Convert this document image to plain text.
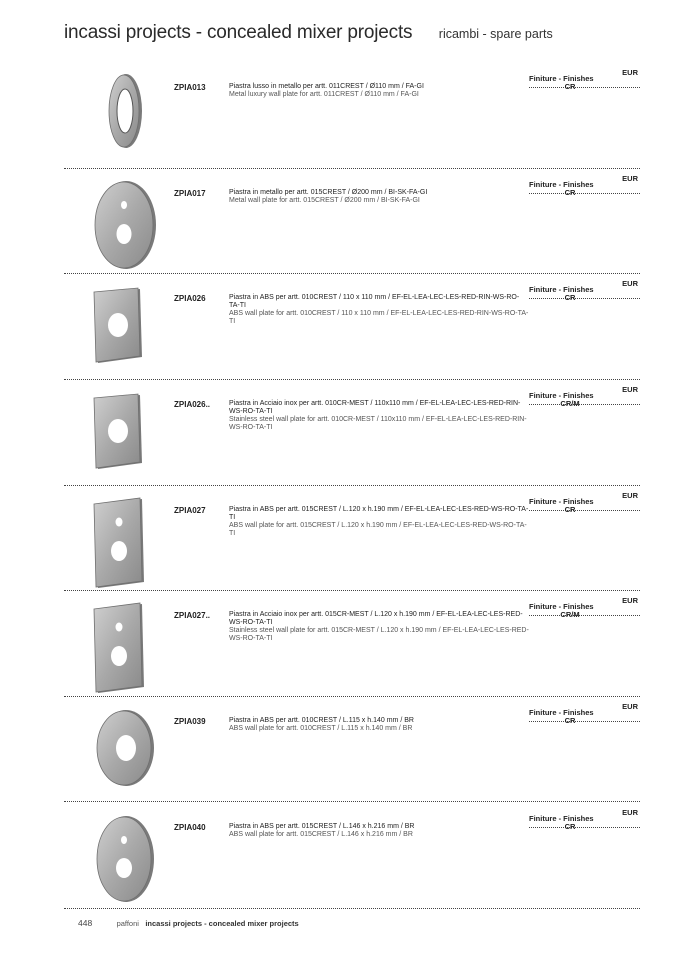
incassi projects - concealed mixer projects ricambi - spare parts
ZPIA013	Piastra lusso in metallo per artt. 011CREST / Ø110 mm / FA-GI
Metal luxury wall plate for artt. 011CREST / Ø110 mm / FA-GI
Finiture - Finishes
EUR
CR
ZPIA017	Piastra in metallo per artt. 015CREST / Ø200 mm / BI-SK-FA-GI
Metal wall plate for artt. 015CREST / Ø200 mm / BI-SK-FA-GI
Finiture - Finishes
EUR
CR
ZPIA026	Piastra in ABS per artt. 010CREST / 110 x 110 mm / EF-EL-LEA-LEC-LES-RED-RIN-WS-RO-TA-TI
ABS wall plate for artt. 010CREST / 110 x 110 mm / EF-EL-LEA-LEC-LES-RED-RIN-WS-RO-TA-TI
Finiture - Finishes
EUR
CR
ZPIA026..	Piastra in Acciaio inox per artt. 010CR-MEST / 110x110 mm / EF-EL-LEA-LEC-LES-RED-RIN-WS-RO-TA-TI
Stainless steel wall plate for artt. 010CR-MEST / 110x110 mm / EF-EL-LEA-LEC-LES-RED-RIN-WS-RO-TA-TI
Finiture - Finishes
EUR
CR/M
ZPIA027	Piastra in ABS per artt. 015CREST / L.120 x h.190 mm / EF-EL-LEA-LEC-LES-RED-WS-RO-TA-TI
ABS wall plate for artt. 015CREST / L.120 x h.190 mm / EF-EL-LEA-LEC-LES-RED-WS-RO-TA-TI
Finiture - Finishes
EUR
CR
ZPIA027..	Piastra in Acciaio inox per artt. 015CR-MEST / L.120 x h.190 mm / EF-EL-LEA-LEC-LES-RED-WS-RO-TA-TI
Stainless steel wall plate for artt. 015CR-MEST / L.120 x h.190 mm / EF-EL-LEA-LEC-LES-RED-WS-RO-TA-TI
Finiture - Finishes
EUR
CR/M
ZPIA039	Piastra in ABS per artt. 010CREST / L.115 x h.140 mm / BR
ABS wall plate for artt. 010CREST / L.115 x h.140 mm / BR
Finiture - Finishes
EUR
CR
ZPIA040	Piastra in ABS per artt. 015CREST / L.146 x h.216 mm / BR
ABS wall plate for artt. 015CREST / L.146 x h.216 mm / BR
Finiture - Finishes
EUR
CR
448	paffoni incassi projects - concealed mixer projects
